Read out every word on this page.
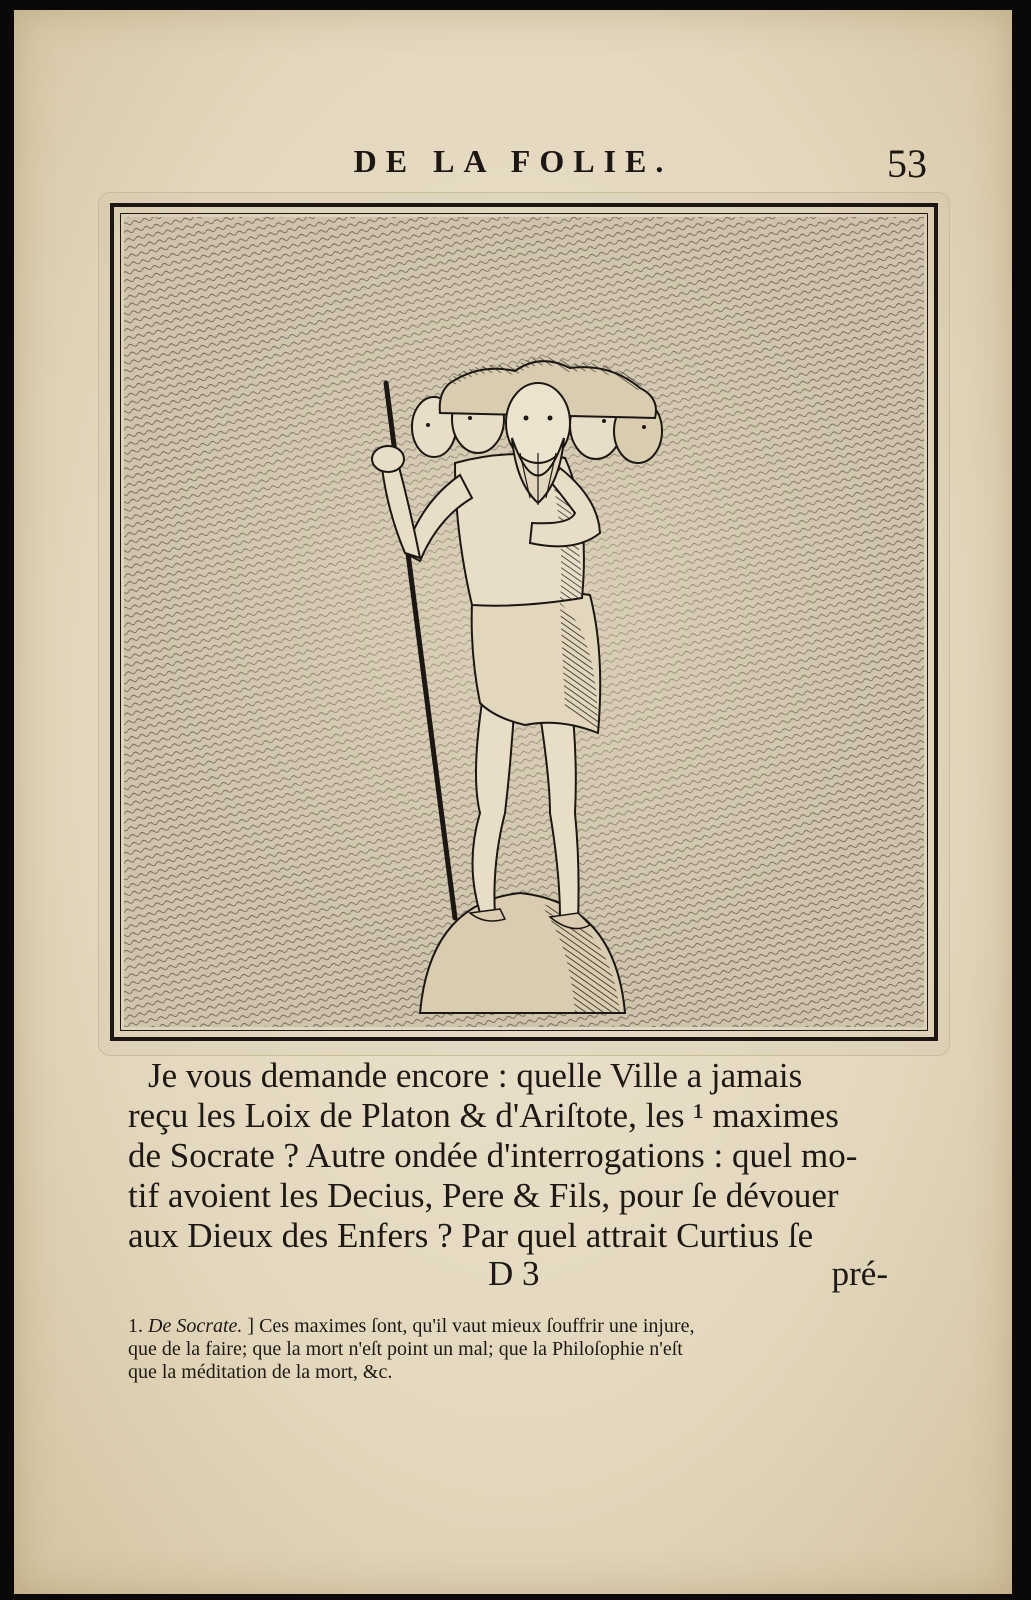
DE LA FOLIE.	53
Je vous demande encore : quelle Ville a jamais
reçu les Loix de Platon & d'Ariſtote, les ¹ maximes
de Socrate ? Autre ondée d'interrogations : quel mo-
tif avoient les Decius, Pere & Fils, pour ſe dévouer
aux Dieux des Enfers ? Par quel attrait Curtius ſe
D 3	pré-
1. De Socrate. ] Ces maximes ſont, qu'il vaut mieux ſouffrir une injure,
que de la faire; que la mort n'eſt point un mal; que la Philoſophie n'eſt
que la méditation de la mort, &c.
